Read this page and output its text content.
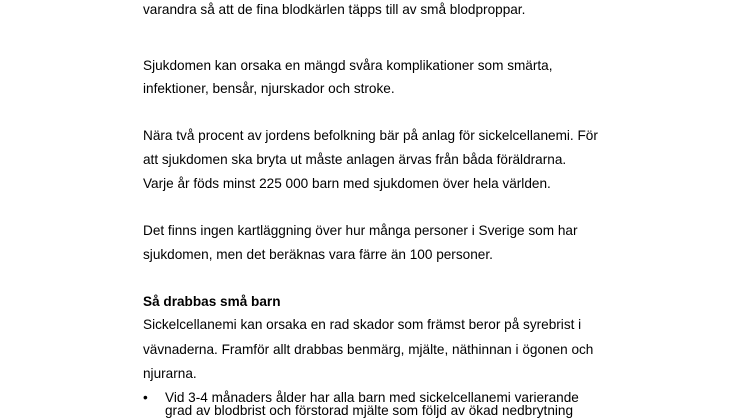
varandra så att de fina blodkärlen täpps till av små blodproppar.
Sjukdomen kan orsaka en mängd svåra komplikationer som smärta,
infektioner, bensår, njurskador och stroke.
Nära två procent av jordens befolkning bär på anlag för sickelcellanemi. För
att sjukdomen ska bryta ut måste anlagen ärvas från båda föräldrarna.
Varje år föds minst 225 000 barn med sjukdomen över hela världen.
Det finns ingen kartläggning över hur många personer i Sverige som har
sjukdomen, men det beräknas vara färre än 100 personer.
Så drabbas små barn
Sickelcellanemi kan orsaka en rad skador som främst beror på syrebrist i
vävnaderna. Framför allt drabbas benmärg, mjälte, näthinnan i ögonen och
njurarna.
• Vid 3-4 månaders ålder har alla barn med sickelcellanemi varierande
grad av blodbrist och förstorad mjälte som följd av ökad nedbrytning
